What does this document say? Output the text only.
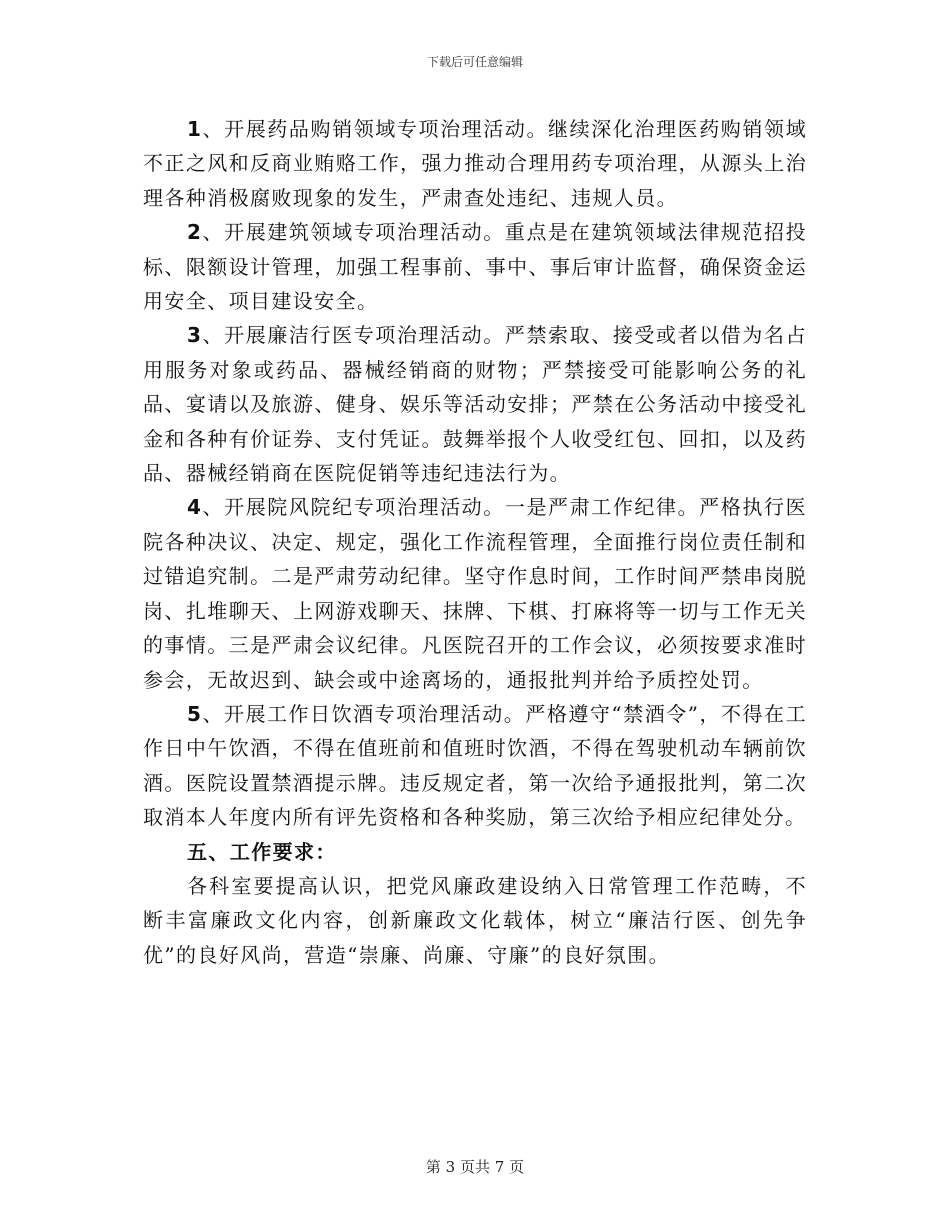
下载后可任意编辑

1、开展药品购销领域专项治理活动。继续深化治理医药购销领域不正之风和反商业贿赂工作，强力推动合理用药专项治理，从源头上治理各种消极腐败现象的发生，严肃查处违纪、违规人员。

2、开展建筑领域专项治理活动。重点是在建筑领域法律规范招投标、限额设计管理，加强工程事前、事中、事后审计监督，确保资金运用安全、项目建设安全。

3、开展廉洁行医专项治理活动。严禁索取、接受或者以借为名占用服务对象或药品、器械经销商的财物；严禁接受可能影响公务的礼品、宴请以及旅游、健身、娱乐等活动安排；严禁在公务活动中接受礼金和各种有价证券、支付凭证。鼓舞举报个人收受红包、回扣，以及药品、器械经销商在医院促销等违纪违法行为。

4、开展院风院纪专项治理活动。一是严肃工作纪律。严格执行医院各种决议、决定、规定，强化工作流程管理，全面推行岗位责任制和过错追究制。二是严肃劳动纪律。坚守作息时间，工作时间严禁串岗脱岗、扎堆聊天、上网游戏聊天、抹牌、下棋、打麻将等一切与工作无关的事情。三是严肃会议纪律。凡医院召开的工作会议，必须按要求准时参会，无故迟到、缺会或中途离场的，通报批判并给予质控处罚。

5、开展工作日饮酒专项治理活动。严格遵守“禁酒令”，不得在工作日中午饮酒，不得在值班前和值班时饮酒，不得在驾驶机动车辆前饮酒。医院设置禁酒提示牌。违反规定者，第一次给予通报批判，第二次取消本人年度内所有评先资格和各种奖励，第三次给予相应纪律处分。

五、工作要求：

各科室要提高认识，把党风廉政建设纳入日常管理工作范畴，不断丰富廉政文化内容，创新廉政文化载体，树立“廉洁行医、创先争优”的良好风尚，营造“崇廉、尚廉、守廉”的良好氛围。

第 3 页共 7 页
